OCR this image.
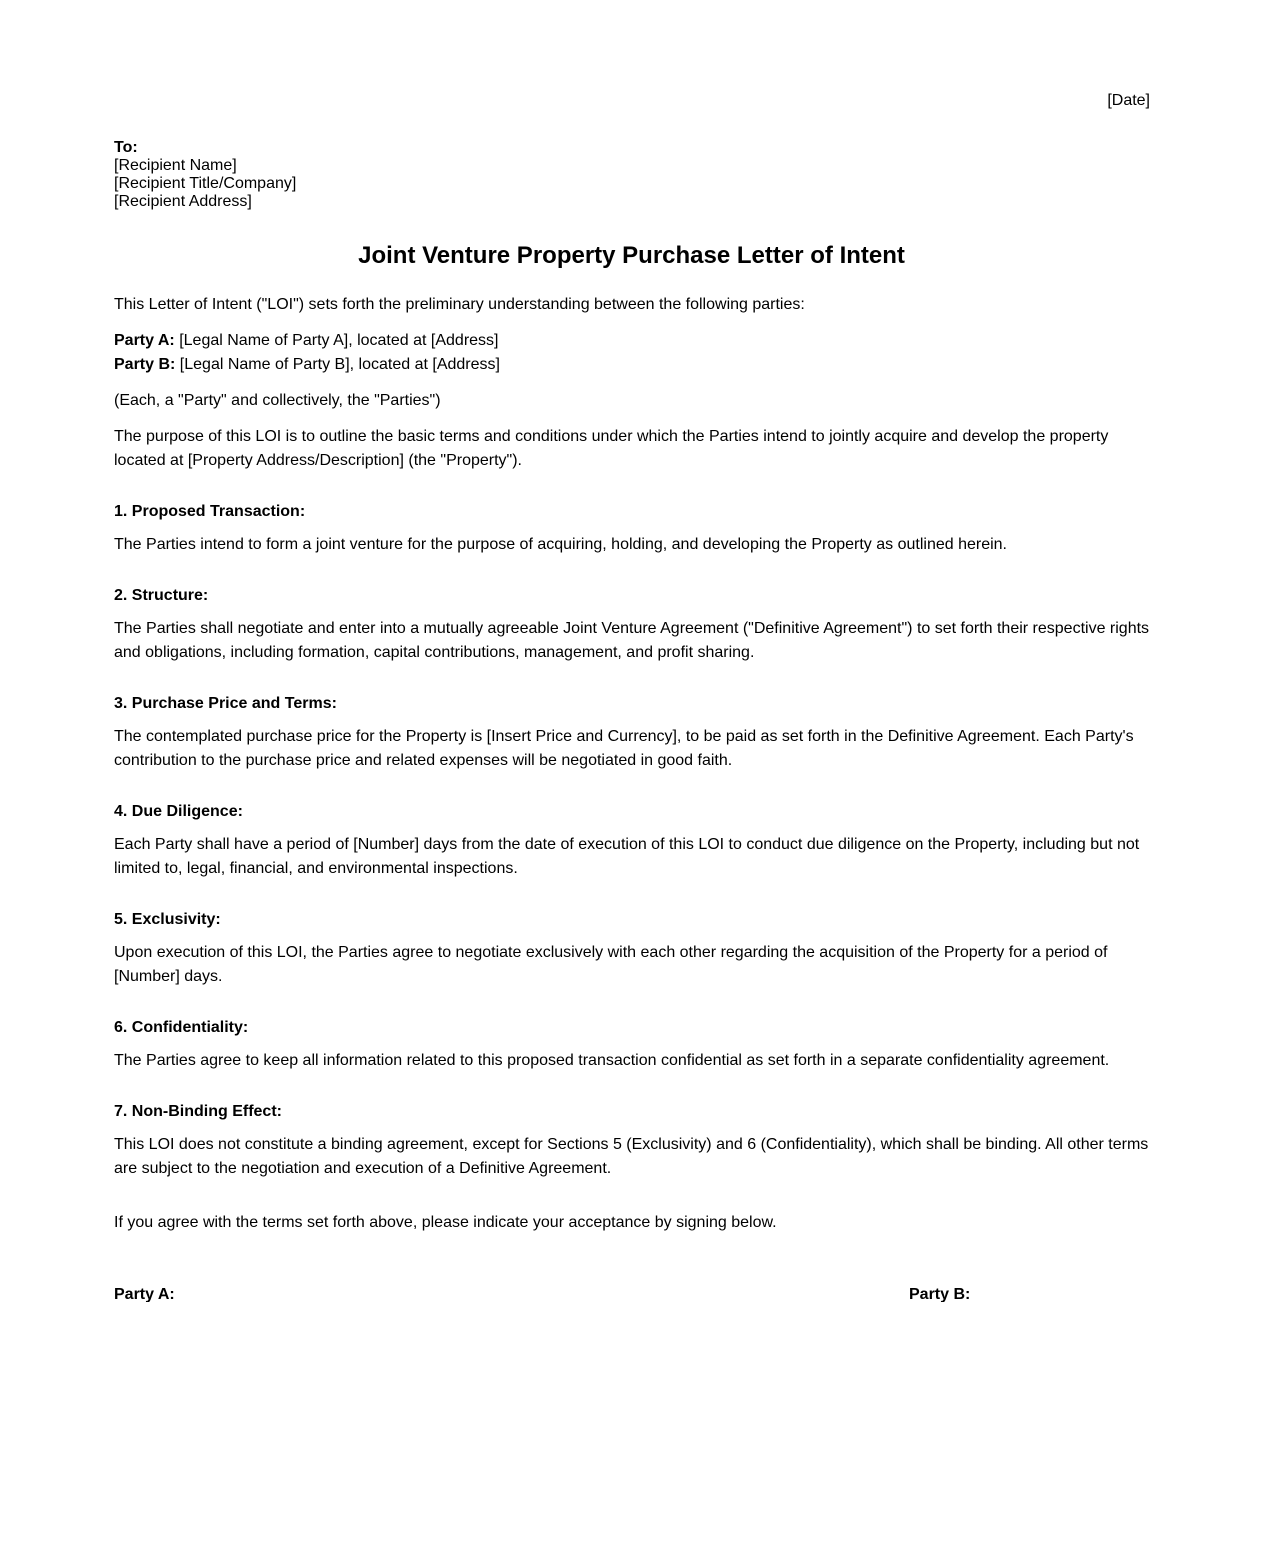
[Date]
To:
[Recipient Name]
[Recipient Title/Company]
[Recipient Address]
Joint Venture Property Purchase Letter of Intent
This Letter of Intent ("LOI") sets forth the preliminary understanding between the following parties:
Party A: [Legal Name of Party A], located at [Address]
Party B: [Legal Name of Party B], located at [Address]
(Each, a "Party" and collectively, the "Parties")
The purpose of this LOI is to outline the basic terms and conditions under which the Parties intend to jointly acquire and develop the property located at [Property Address/Description] (the "Property").
1. Proposed Transaction:
The Parties intend to form a joint venture for the purpose of acquiring, holding, and developing the Property as outlined herein.
2. Structure:
The Parties shall negotiate and enter into a mutually agreeable Joint Venture Agreement ("Definitive Agreement") to set forth their respective rights and obligations, including formation, capital contributions, management, and profit sharing.
3. Purchase Price and Terms:
The contemplated purchase price for the Property is [Insert Price and Currency], to be paid as set forth in the Definitive Agreement. Each Party's contribution to the purchase price and related expenses will be negotiated in good faith.
4. Due Diligence:
Each Party shall have a period of [Number] days from the date of execution of this LOI to conduct due diligence on the Property, including but not limited to, legal, financial, and environmental inspections.
5. Exclusivity:
Upon execution of this LOI, the Parties agree to negotiate exclusively with each other regarding the acquisition of the Property for a period of [Number] days.
6. Confidentiality:
The Parties agree to keep all information related to this proposed transaction confidential as set forth in a separate confidentiality agreement.
7. Non-Binding Effect:
This LOI does not constitute a binding agreement, except for Sections 5 (Exclusivity) and 6 (Confidentiality), which shall be binding. All other terms are subject to the negotiation and execution of a Definitive Agreement.
If you agree with the terms set forth above, please indicate your acceptance by signing below.
Party A:	Party B:
